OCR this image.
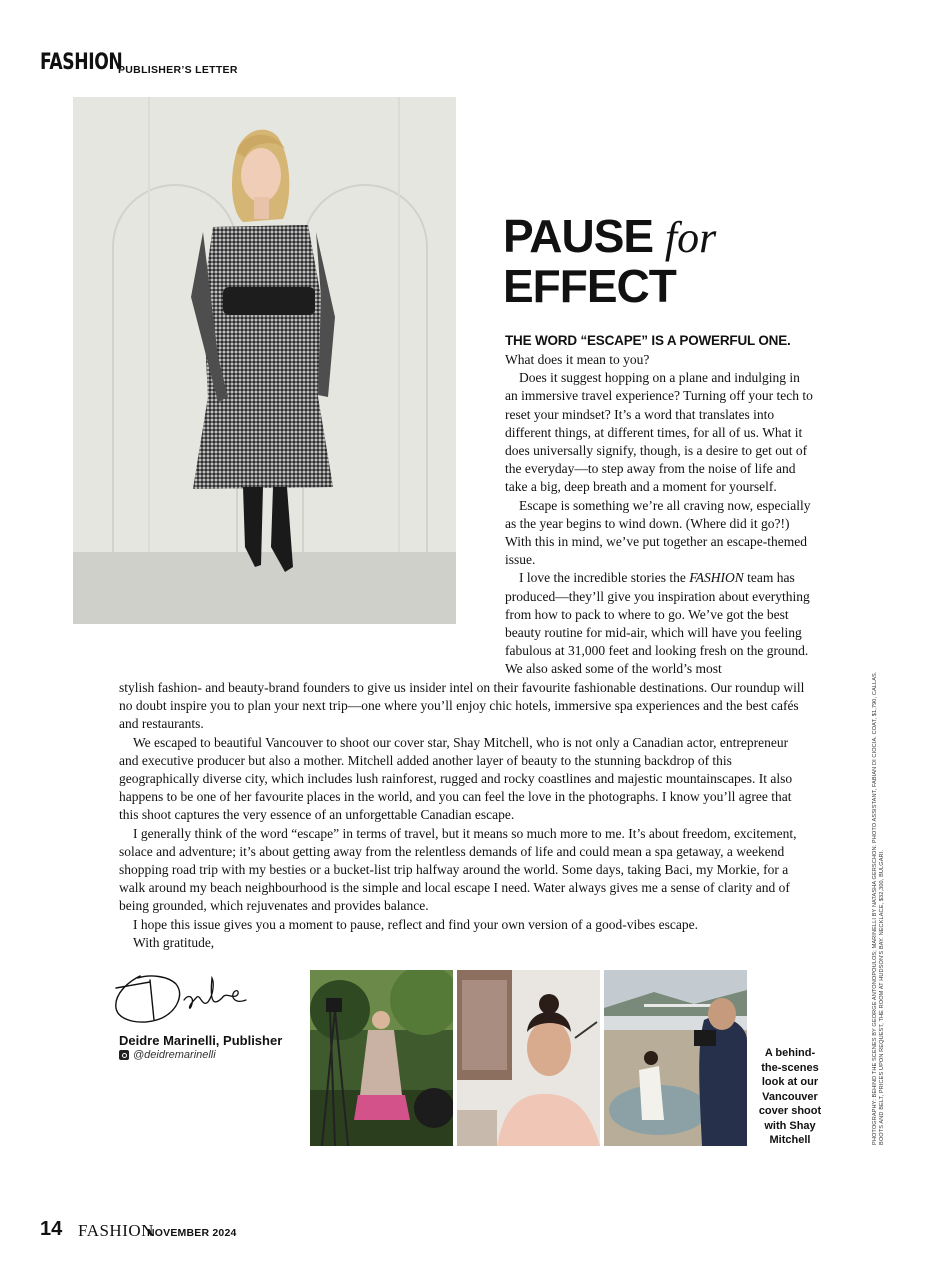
FASHION
PUBLISHER’S LETTER
PAUSE for
EFFECT
THE WORD “ESCAPE” IS A POWERFUL ONE.

What does it mean to you?

Does it suggest hopping on a plane and indulging in an immersive travel experience? Turning off your tech to reset your mindset? It’s a word that translates into different things, at different times, for all of us. What it does universally signify, though, is a desire to get out of the everyday—to step away from the noise of life and take a big, deep breath and a moment for yourself.

Escape is something we’re all craving now, especially as the year begins to wind down. (Where did it go?!) With this in mind, we’ve put together an escape-themed issue.

I love the incredible stories the FASHION team has produced—they’ll give you inspiration about everything from how to pack to where to go. We’ve got the best beauty routine for mid-air, which will have you feeling fabulous at 31,000 feet and looking fresh on the ground. We also asked some of the world’s most

stylish fashion- and beauty-brand founders to give us insider intel on their favourite fashionable destinations. Our roundup will no doubt inspire you to plan your next trip—one where you’ll enjoy chic hotels, immersive spa experiences and the best cafés and restaurants.

We escaped to beautiful Vancouver to shoot our cover star, Shay Mitchell, who is not only a Canadian actor, entrepreneur and executive producer but also a mother. Mitchell added another layer of beauty to the stunning backdrop of this geographically diverse city, which includes lush rainforest, rugged and rocky coastlines and majestic mountainscapes. It also happens to be one of her favourite places in the world, and you can feel the love in the photographs. I know you’ll agree that this shoot captures the very essence of an unforgettable Canadian escape.

I generally think of the word “escape” in terms of travel, but it means so much more to me. It’s about freedom, excitement, solace and adventure; it’s about getting away from the relentless demands of life and could mean a spa getaway, a weekend shopping road trip with my besties or a bucket-list trip halfway around the world. Some days, taking Baci, my Morkie, for a walk around my beach neighbourhood is the simple and local escape I need. Water always gives me a sense of clarity and of being grounded, which rejuvenates and provides balance.

I hope this issue gives you a moment to pause, reflect and find your own version of a good-vibes escape.

With gratitude,

Deidre Marinelli, Publisher
@deidremarinelli	A behind-the-scenes look at our Vancouver cover shoot with Shay Mitchell	PHOTOGRAPHY: BEHIND THE SCENES BY GEORGE ANTONOPOULOS; MARINELLI BY NATASHA GERSCHON. PHOTO ASSISTANT, FABIAN DI CIOCIA. COAT, $1,790, CALLAS. BOOTS AND BELT, PRICES UPON REQUEST, THE ROOM AT HUDSON’S BAY. NECKLACE, $32,300, BULGARI.
14 FASHION
NOVEMBER 2024
